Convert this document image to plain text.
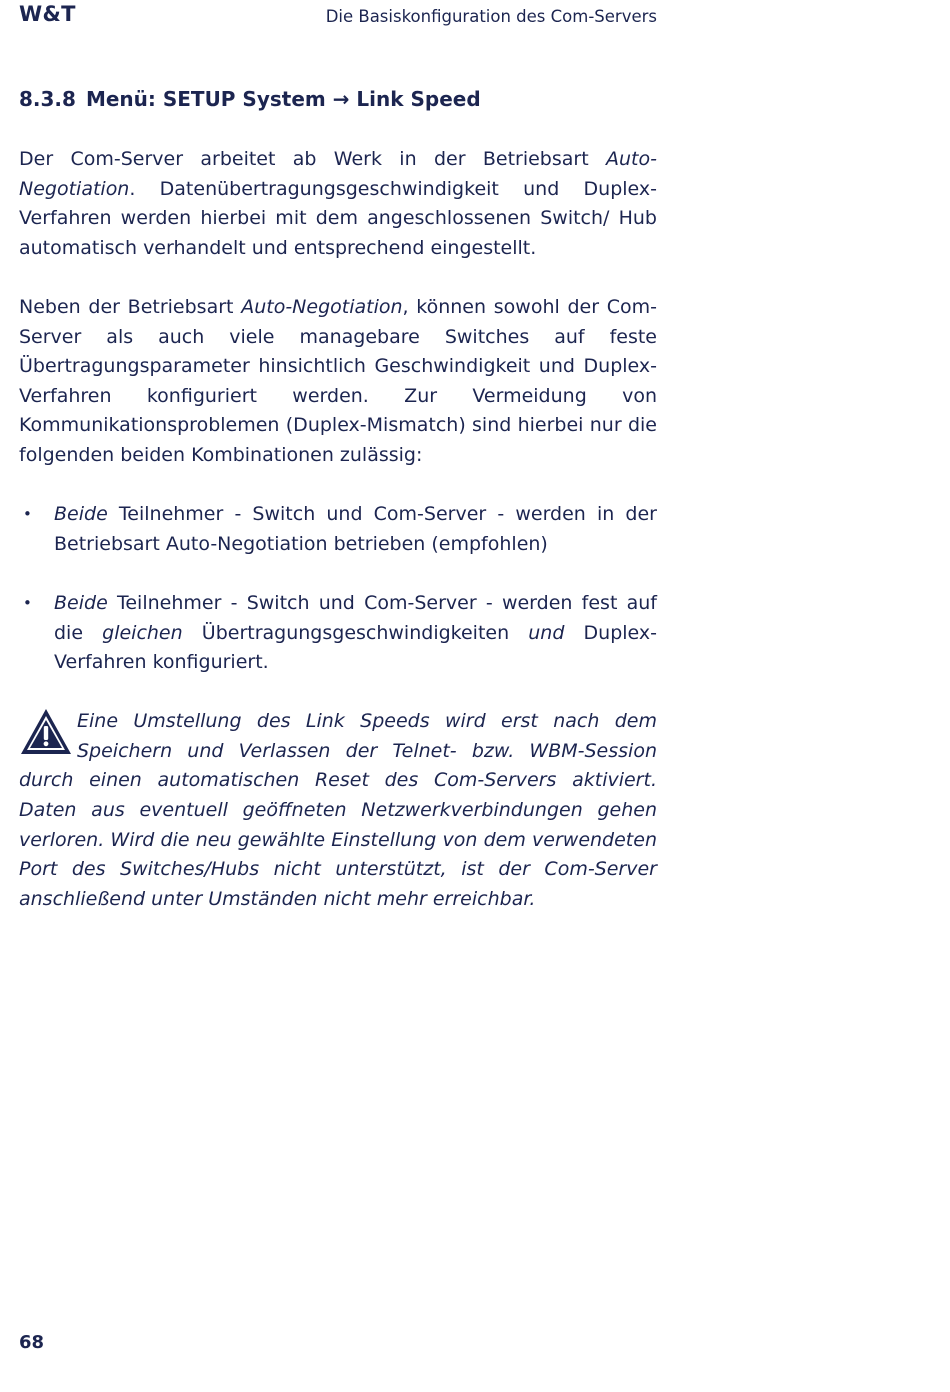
W&T	Die Basiskonfiguration des Com-Servers
8.3.8 Menü: SETUP System → Link Speed

Der Com-Server arbeitet ab Werk in der Betriebsart Auto-Negotiation. Datenübertragungsgeschwindigkeit und Duplex-Verfahren werden hierbei mit dem angeschlossenen Switch/ Hub automatisch verhandelt und entsprechend eingestellt.

Neben der Betriebsart Auto-Negotiation, können sowohl der Com-Server als auch viele managebare Switches auf feste Übertragungsparameter hinsichtlich Geschwindigkeit und Duplex-Verfahren konfiguriert werden. Zur Vermeidung von Kommunikationsproblemen (Duplex-Mismatch) sind hierbei nur die folgenden beiden Kombinationen zulässig:

• Beide Teilnehmer - Switch und Com-Server - werden in der Betriebsart Auto-Negotiation betrieben (empfohlen)
• Beide Teilnehmer - Switch und Com-Server - werden fest auf die gleichen Übertragungsgeschwindigkeiten und Duplex-Verfahren konfiguriert.
Eine Umstellung des Link Speeds wird erst nach dem Speichern und Verlassen der Telnet- bzw. WBM-Session durch einen automatischen Reset des Com-Servers aktiviert. Daten aus eventuell geöffneten Netzwerkverbindungen gehen verloren. Wird die neu gewählte Einstellung von dem verwendeten Port des Switches/Hubs nicht unterstützt, ist der Com-Server anschließend unter Umständen nicht mehr erreichbar.
68
